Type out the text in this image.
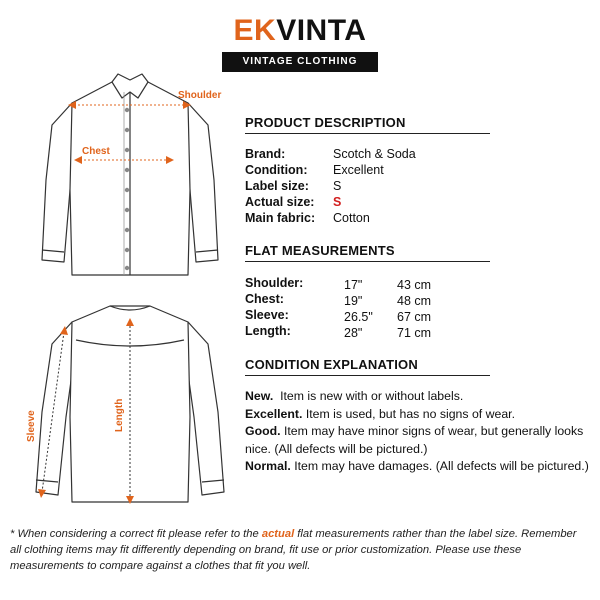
EKVINTA
VINTAGE CLOTHING
Shoulder
Chest
Sleeve	Length
PRODUCT DESCRIPTION
Brand:	Scotch & Soda
Condition: Excellent
Label size: S
Actual size: S
Main fabric: Cotton
FLAT MEASUREMENTS
Shoulder:	17"	43 cm
Chest:	19"	48 cm
Sleeve:	26.5" 67 cm
Length:	28"	71 cm
CONDITION EXPLANATION
New. Item is new with or without labels.
Excellent. Item is used, but has no signs of wear.
Good. Item may have minor signs of wear, but generally looks nice. (All defects will be pictured.)
Normal. Item may have damages. (All defects will be pictured.)
* When considering a correct fit please refer to the actual flat measurements rather than the label size. Remember all clothing items may fit differently depending on brand, fit use or prior customization. Please use these measurements to compare against a clothes that fit you well.
